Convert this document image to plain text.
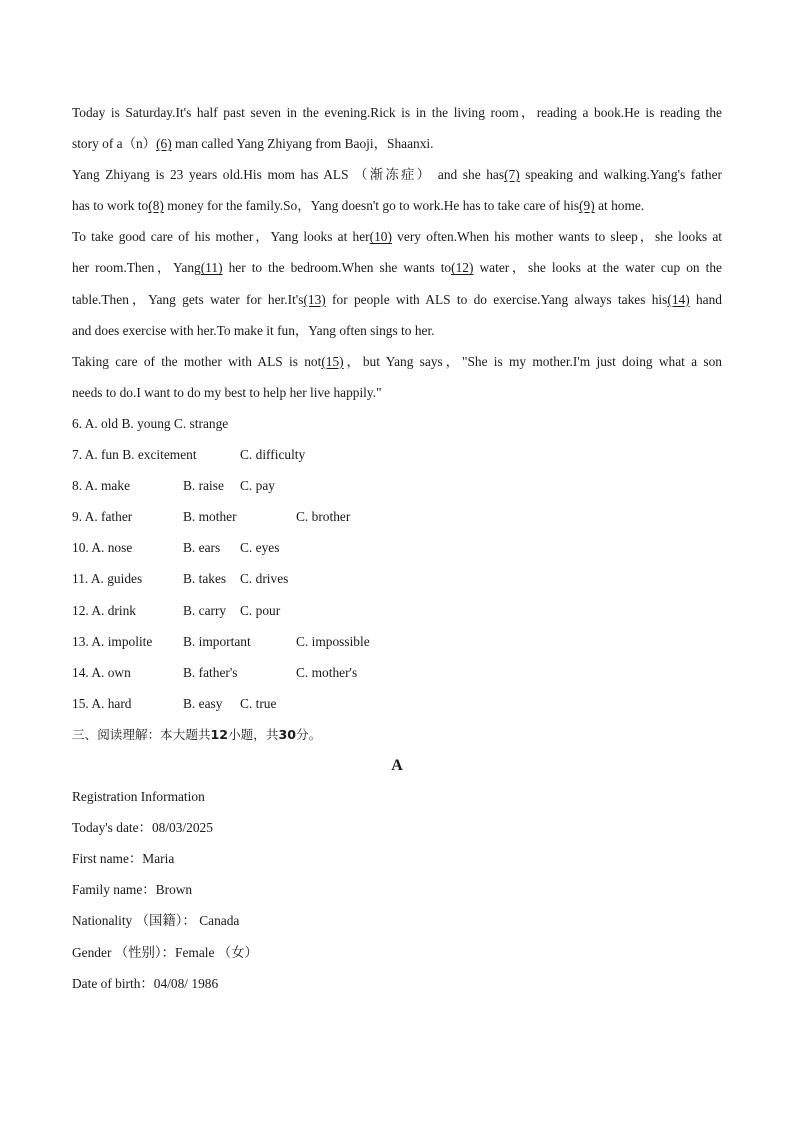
Today is Saturday.It's half past seven in the evening.Rick is in the living room，reading a book.He is reading the
story of a（n）(6) man called Yang Zhiyang from Baoji，Shaanxi.
Yang Zhiyang is 23 years old.His mom has ALS （渐冻症） and she has(7) speaking and walking.Yang's father
has to work to(8) money for the family.So，Yang doesn't go to work.He has to take care of his(9) at home.
To take good care of his mother，Yang looks at her(10) very often.When his mother wants to sleep，she looks at
her room.Then，Yang(11) her to the bedroom.When she wants to(12) water，she looks at the water cup on the
table.Then，Yang gets water for her.It's(13) for people with ALS to do exercise.Yang always takes his(14) hand
and does exercise with her.To make it fun，Yang often sings to her.
Taking care of the mother with ALS is not(15)，but Yang says，"She is my mother.I'm just doing what a son
needs to do.I want to do my best to help her live happily."
6. A. old B. young C. strange
7. A. fun B. excitement	C. difficulty
8. A. make	B. raise C. pay
9. A. father	B. mother	C. brother
10. A. nose	B. ears C. eyes
11. A. guides	B. takes C. drives
12. A. drink	B. carry C. pour
13. A. impolite B. important	C. impossible
14. A. own	B. father's	C. mother's
15. A. hard	B. easy C. true
三、阅读理解：本大题共12小题，共30分。
A
Registration Information
Today's date：08/03/2025
First name：Maria
Family name：Brown
Nationality （国籍）： Canada
Gender （性别）：Female （女）
Date of birth：04/08/ 1986
